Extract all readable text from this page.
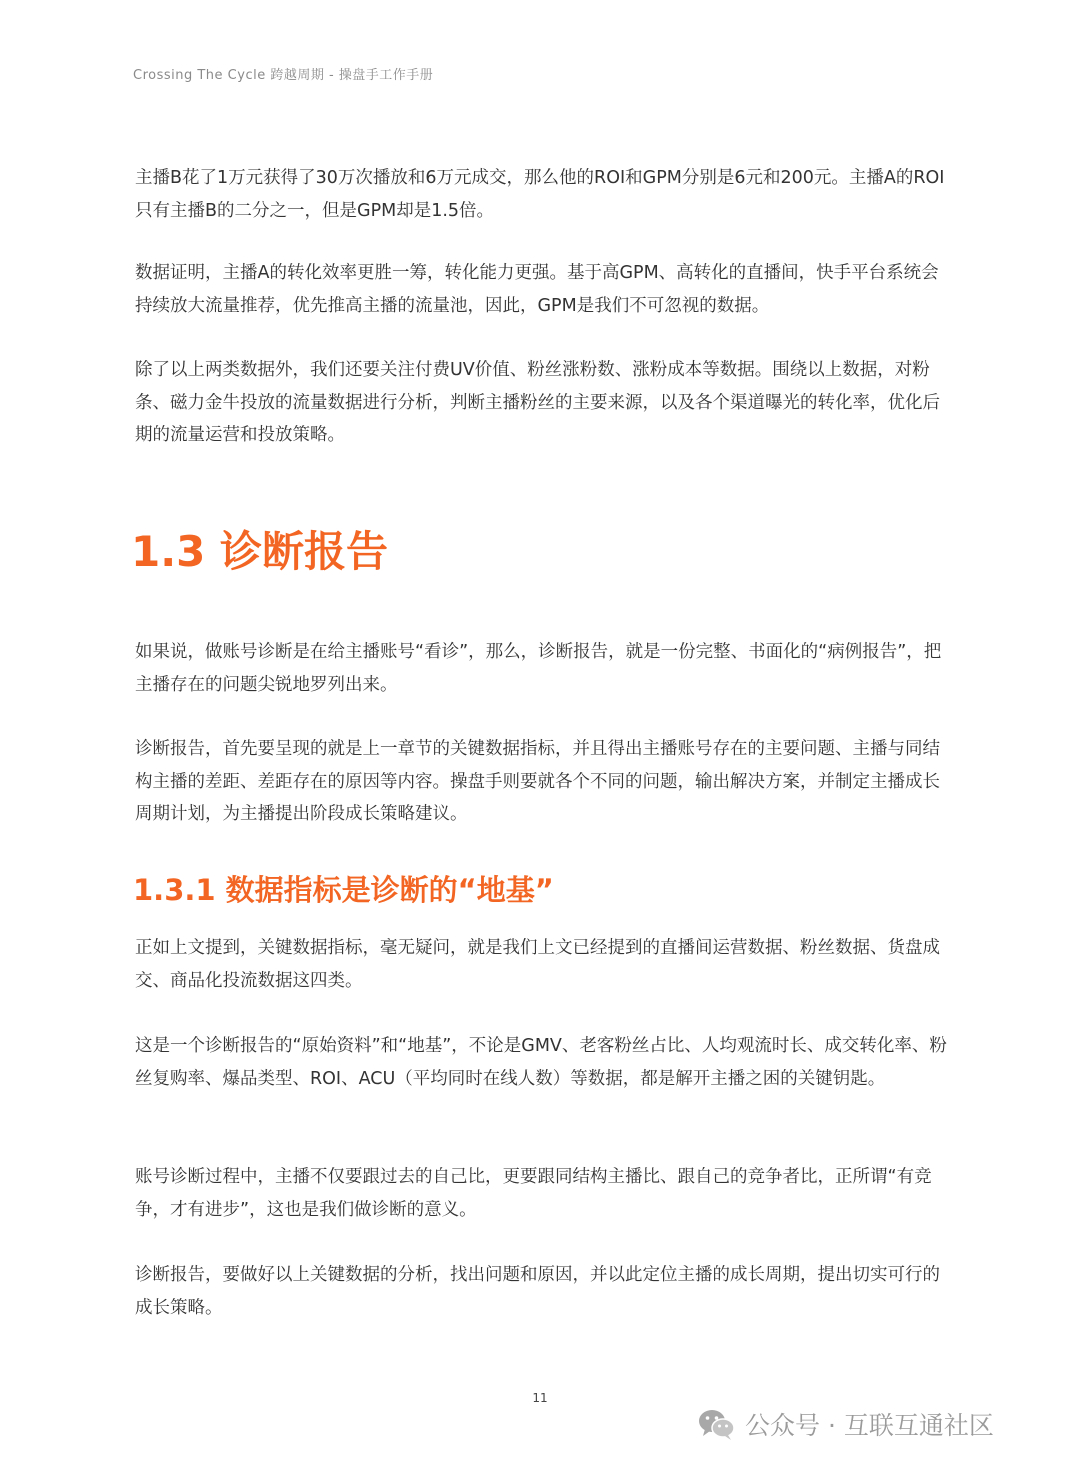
Crossing The Cycle 跨越周期 - 操盘手工作手册

主播B花了1万元获得了30万次播放和6万元成交，那么他的ROI和GPM分别是6元和200元。主播A的ROI只有主播B的二分之一，但是GPM却是1.5倍。

数据证明，主播A的转化效率更胜一筹，转化能力更强。基于高GPM、高转化的直播间，快手平台系统会持续放大流量推荐，优先推高主播的流量池，因此，GPM是我们不可忽视的数据。

除了以上两类数据外，我们还要关注付费UV价值、粉丝涨粉数、涨粉成本等数据。围绕以上数据，对粉条、磁力金牛投放的流量数据进行分析，判断主播粉丝的主要来源，以及各个渠道曝光的转化率，优化后期的流量运营和投放策略。

1.3 诊断报告

如果说，做账号诊断是在给主播账号“看诊”，那么，诊断报告，就是一份完整、书面化的“病例报告”，把主播存在的问题尖锐地罗列出来。

诊断报告，首先要呈现的就是上一章节的关键数据指标，并且得出主播账号存在的主要问题、主播与同结构主播的差距、差距存在的原因等内容。操盘手则要就各个不同的问题，输出解决方案，并制定主播成长周期计划，为主播提出阶段成长策略建议。

1.3.1 数据指标是诊断的“地基”

正如上文提到，关键数据指标，毫无疑问，就是我们上文已经提到的直播间运营数据、粉丝数据、货盘成交、商品化投流数据这四类。

这是一个诊断报告的“原始资料”和“地基”，不论是GMV、老客粉丝占比、人均观流时长、成交转化率、粉丝复购率、爆品类型、ROI、ACU（平均同时在线人数）等数据，都是解开主播之困的关键钥匙。

账号诊断过程中，主播不仅要跟过去的自己比，更要跟同结构主播比、跟自己的竞争者比，正所谓“有竞争，才有进步”，这也是我们做诊断的意义。

诊断报告，要做好以上关键数据的分析，找出问题和原因，并以此定位主播的成长周期，提出切实可行的成长策略。

11
公众号 · 互联互通社区
